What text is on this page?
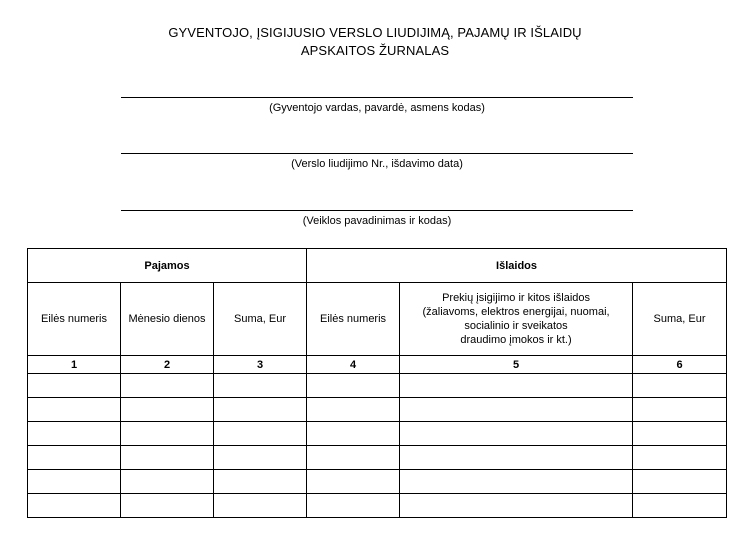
GYVENTOJO, ĮSIGIJUSIO VERSLO LIUDIJIMĄ, PAJAMŲ IR IŠLAIDŲ
APSKAITOS ŽURNALAS
(Gyventojo vardas, pavardė, asmens kodas)
(Verslo liudijimo Nr., išdavimo data)
(Veiklos pavadinimas ir kodas)
Pajamos			Išlaidos		
Eilės numeris	Mėnesio dienos	Suma, Eur	Eilės numeris	Prekių įsigijimo ir kitos išlaidos
(žaliavoms, elektros energijai, nuomai,
socialinio ir sveikatos
draudimo įmokos ir kt.)	Suma, Eur
1	2	3	4	5	6
